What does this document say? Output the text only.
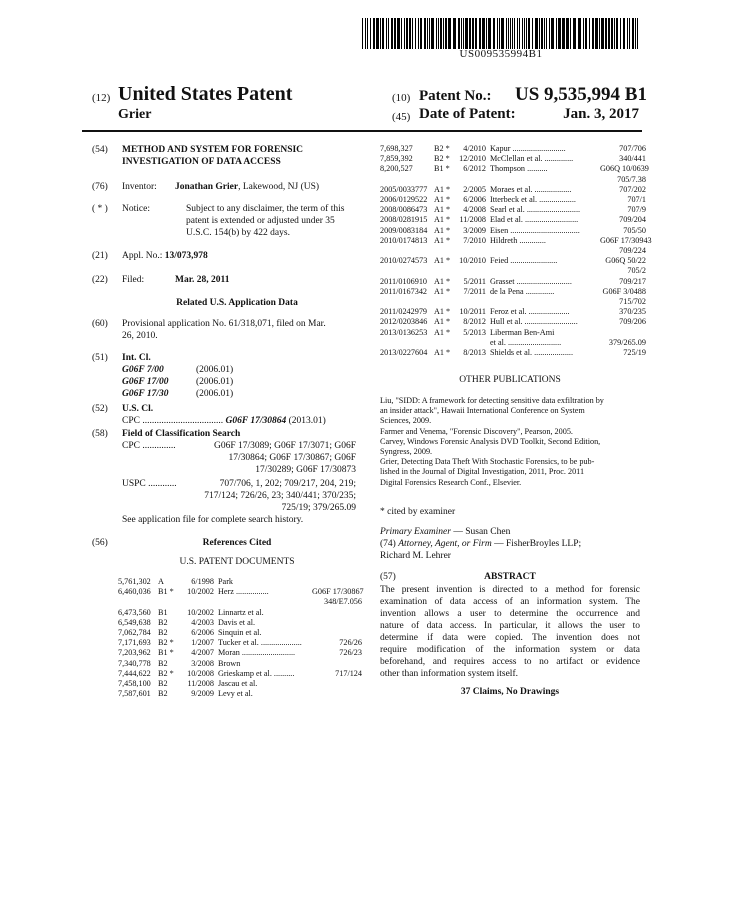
US009535994B1
(12) United States Patent
Grier
(10) Patent No.: US 9,535,994 B1
(45) Date of Patent:	Jan. 3, 2017
(54) METHOD AND SYSTEM FOR FORENSIC
INVESTIGATION OF DATA ACCESS
(76) Inventor: Jonathan Grier, Lakewood, NJ (US)
( * ) Notice:	Subject to any disclaimer, the term of this
patent is extended or adjusted under 35
U.S.C. 154(b) by 422 days.
(21) Appl. No.: 13/073,978
(22) Filed:	Mar. 28, 2011
Related U.S. Application Data
(60) Provisional application No. 61/318,071, filed on Mar.
26, 2010.
(51) Int. Cl.
G06F 7/00	(2006.01)
G06F 17/00	(2006.01)
G06F 17/30	(2006.01)
(52) U.S. Cl.
CPC .................................. G06F 17/30864 (2013.01)
(58) Field of Classification Search
CPC ..............	G06F 17/3089; G06F 17/3071; G06F
17/30864; G06F 17/30867; G06F
17/30289; G06F 17/30873
USPC ............	707/706, 1, 202; 709/217, 204, 219;
717/124; 726/26, 23; 340/441; 370/235;
725/19; 379/265.09
See application file for complete search history.
(56)	References Cited
U.S. PATENT DOCUMENTS
5,761,302	A	6/1998	Park	
6,460,036	B1 *	10/2002	Herz ................	G06F 17/30867
				348/E7.056
6,473,560	B1	10/2002	Linnartz et al.	
6,549,638	B2	4/2003	Davis et al.	
7,062,784	B2	6/2006	Sinquin et al.	
7,171,693	B2 *	1/2007	Tucker et al. ....................	726/26
7,203,962	B1 *	4/2007	Moran ..........................	726/23
7,340,778	B2	3/2008	Brown	
7,444,622	B2 *	10/2008	Grieskamp et al. ..........	717/124
7,458,100	B2	11/2008	Jascau et al.	
7,587,601	B2	9/2009	Levy et al.	
7,698,327	B2 *	4/2010	Kapur ..........................	707/706
7,859,392	B2 *	12/2010	McClellan et al. ..............	340/441
8,200,527	B1 *	6/2012	Thompson ..........	G06Q 10/0639
				705/7.38
2005/0033777	A1 *	2/2005	Moraes et al. ..................	707/202
2006/0129522	A1 *	6/2006	Itterbeck et al. ..................	707/1
2008/0086473	A1 *	4/2008	Searl et al. ..........................	707/9
2008/0281915	A1 *	11/2008	Elad et al. ..........................	709/204
2009/0083184	A1 *	3/2009	Eisen ..................................	705/50
2010/0174813	A1 *	7/2010	Hildreth .............	G06F 17/30943
				709/224
2010/0274573	A1 *	10/2010	Feied .......................	G06Q 50/22
				705/2
2011/0106910	A1 *	5/2011	Grasset ...........................	709/217
2011/0167342	A1 *	7/2011	de la Pena ..............	G06F 3/0488
				715/702
2011/0242979	A1 *	10/2011	Feroz et al. ....................	370/235
2012/0203846	A1 *	8/2012	Hull et al. ..........................	709/206
2013/0136253	A1 *	5/2013	Liberman Ben-Ami	
			et al. ..........................	379/265.09
2013/0227604	A1 *	8/2013	Shields et al. ...................	725/19
OTHER PUBLICATIONS
Liu, "SIDD: A framework for detecting sensitive data exfiltration by
an insider attack", Hawaii International Conference on System
Sciences, 2009.
Farmer and Venema, "Forensic Discovery", Pearson, 2005.
Carvey, Windows Forensic Analysis DVD Toolkit, Second Edition,
Syngress, 2009.
Grier, Detecting Data Theft With Stochastic Forensics, to be pub-
lished in the Journal of Digital Investigation, 2011, Proc. 2011
Digital Forensics Research Conf., Elsevier.
* cited by examiner
Primary Examiner — Susan Chen
(74) Attorney, Agent, or Firm — FisherBroyles LLP;
Richard M. Lehrer
(57)	ABSTRACT
The present invention is directed to a method for forensic
examination of data access of an information system. The
invention allows a user to determine the occurrence and
nature of data access. In particular, it allows the user to
determine if data were copied. The invention does not
require modification of the information system or data
beforehand, and requires access to no artifact or evidence
other than information system itself.
37 Claims, No Drawings
